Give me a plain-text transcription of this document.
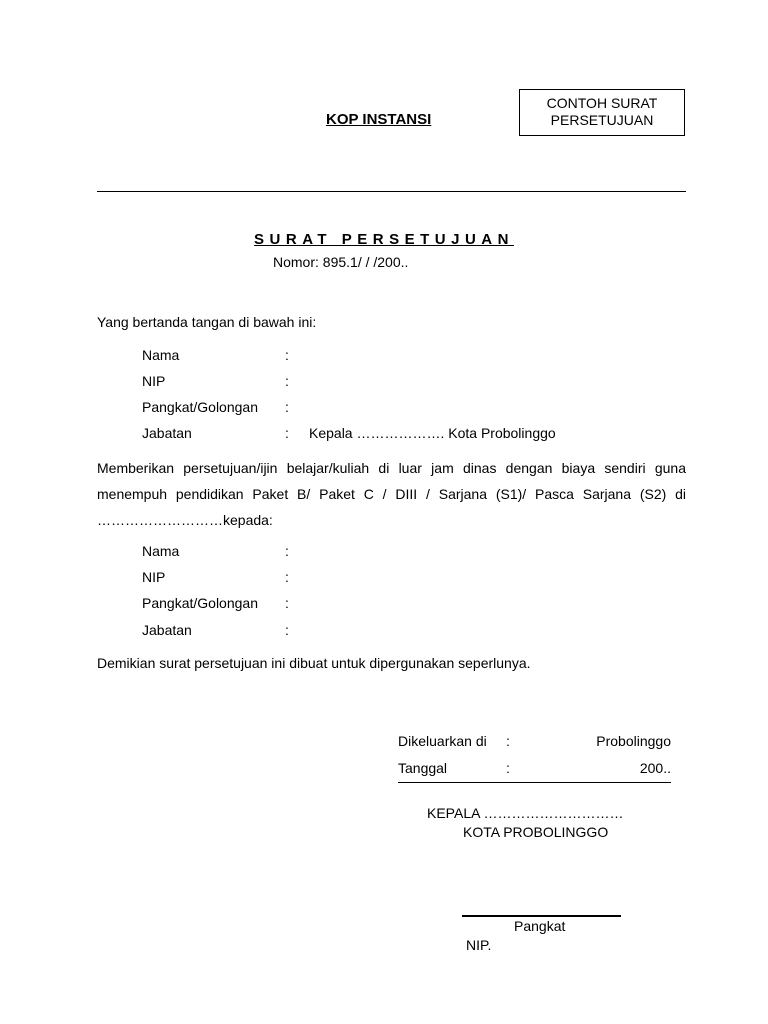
CONTOH SURAT
PERSETUJUAN
KOP INSTANSI
SURAT PERSETUJUAN
Nomor: 895.1/ / /200..
Yang bertanda tangan di bawah ini:
Nama	:
NIP	:
Pangkat/Golongan :
Jabatan	: Kepala ………………. Kota Probolinggo
Memberikan persetujuan/ijin belajar/kuliah di luar jam dinas dengan biaya sendiri guna menempuh pendidikan Paket B/ Paket C / DIII / Sarjana (S1)/ Pasca Sarjana (S2) di ………………………kepada:
Nama	:
NIP	:
Pangkat/Golongan :
Jabatan	:
Demikian surat persetujuan ini dibuat untuk dipergunakan seperlunya.
Dikeluarkan di :	Probolinggo
Tanggal	:	200..
KEPALA …………………………
KOTA PROBOLINGGO
Pangkat
NIP.
